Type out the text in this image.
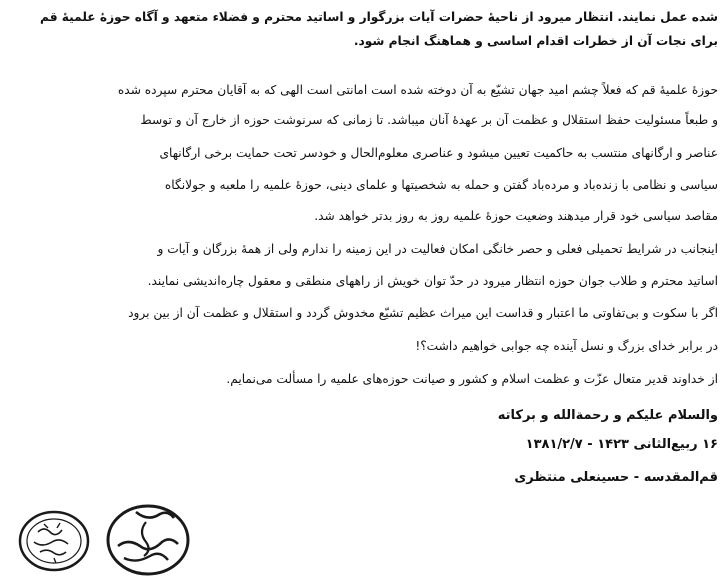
شده عمل نمایند. انتظار میرود از ناحیهٔ حضرات آیات بزرگوار و اساتید محترم و فضلاء متعهد و آگاه حوزهٔ علمیهٔ قم
برای نجات آن از خطرات اقدام اساسی و هماهنگ انجام شود.
حوزهٔ علمیهٔ قم که فعلاً چشم امید جهان تشیّع به آن دوخته شده است امانتی است الهی که به آقایان محترم سپرده شده
و طبعاً مسئولیت حفظ استقلال و عظمت آن بر عهدهٔ آنان میباشد. تا زمانی که سرنوشت حوزه از خارج آن و توسط
عناصر و ارگانهای منتسب به حاکمیت تعیین میشود و عناصری معلوم‌الحال و خودسر تحت حمایت برخی ارگانهای
سیاسی و نظامی با زنده‌باد و مرده‌باد گفتن و حمله به شخصیتها و علمای دینی، حوزهٔ علمیه را ملعبه و جولانگاه
مقاصد سیاسی خود قرار میدهند وضعیت حوزهٔ علمیه روز به روز بدتر خواهد شد.
اینجانب در شرایط تحمیلی فعلی و حصر خانگی امکان فعالیت در این زمینه را ندارم ولی از همهٔ بزرگان و آیات و
اساتید محترم و طلاب جوان حوزه انتظار میرود در حدّ توان خویش از راههای منطقی و معقول چاره‌اندیشی نمایند.
اگر با سکوت و بی‌تفاوتی ما اعتبار و قداست این میراث عظیم تشیّع مخدوش گردد و استقلال و عظمت آن از بین برود
در برابر خدای بزرگ و نسل آینده چه جوابی خواهیم داشت؟!
از خداوند قدیر متعال عزّت و عظمت اسلام و کشور و صیانت حوزه‌های علمیه را مسألت می‌نمایم.
والسلام علیکم و رحمة‌الله و برکاته
۱۶ ربیع‌الثانی ۱۴۲۳ - ۱۳۸۱/۲/۷
قم‌المقدسه - حسینعلی منتظری
